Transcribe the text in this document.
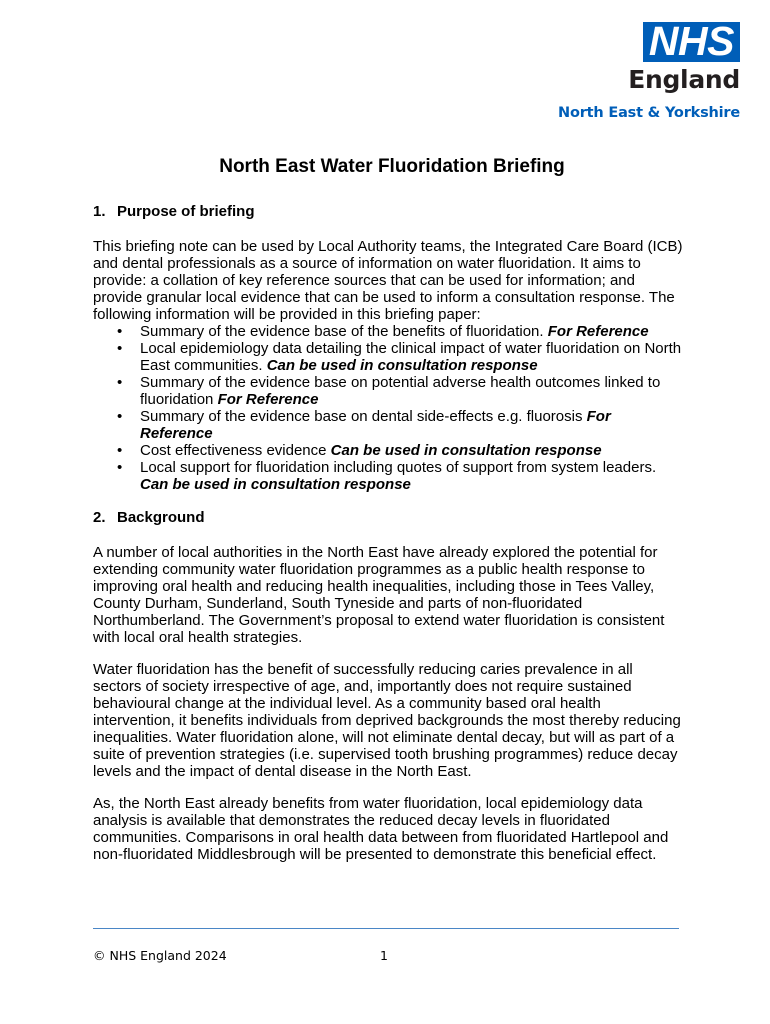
NHS
England
North East & Yorkshire
North East Water Fluoridation Briefing
1. Purpose of briefing

This briefing note can be used by Local Authority teams, the Integrated Care Board (ICB) and dental professionals as a source of information on water fluoridation. It aims to provide: a collation of key reference sources that can be used for information; and provide granular local evidence that can be used to inform a consultation response. The following information will be provided in this briefing paper:

• Summary of the evidence base of the benefits of fluoridation. For Reference
• Local epidemiology data detailing the clinical impact of water fluoridation on North East communities. Can be used in consultation response
• Summary of the evidence base on potential adverse health outcomes linked to fluoridation For Reference
• Summary of the evidence base on dental side-effects e.g. fluorosis For Reference
• Cost effectiveness evidence Can be used in consultation response
• Local support for fluoridation including quotes of support from system leaders. Can be used in consultation response
2. Background

A number of local authorities in the North East have already explored the potential for extending community water fluoridation programmes as a public health response to improving oral health and reducing health inequalities, including those in Tees Valley, County Durham, Sunderland, South Tyneside and parts of non-fluoridated Northumberland. The Government’s proposal to extend water fluoridation is consistent with local oral health strategies.

Water fluoridation has the benefit of successfully reducing caries prevalence in all sectors of society irrespective of age, and, importantly does not require sustained behavioural change at the individual level. As a community based oral health intervention, it benefits individuals from deprived backgrounds the most thereby reducing inequalities. Water fluoridation alone, will not eliminate dental decay, but will as part of a suite of prevention strategies (i.e. supervised tooth brushing programmes) reduce decay levels and the impact of dental disease in the North East.

As, the North East already benefits from water fluoridation, local epidemiology data analysis is available that demonstrates the reduced decay levels in fluoridated communities. Comparisons in oral health data between from fluoridated Hartlepool and non-fluoridated Middlesbrough will be presented to demonstrate this beneficial effect.

© NHS England 2024	1
